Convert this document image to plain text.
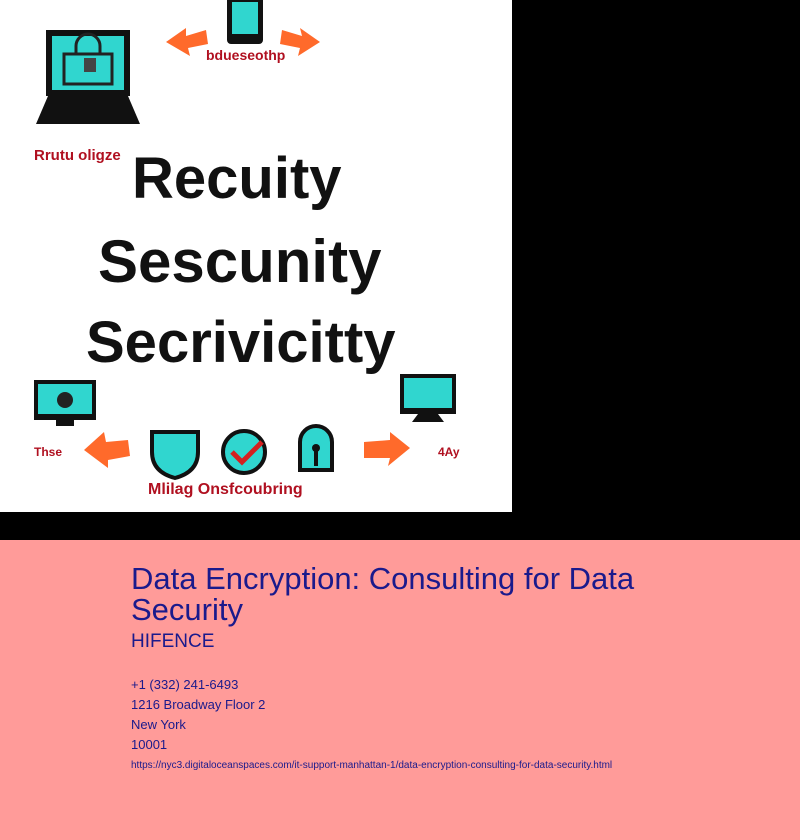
bdueseothp
Rrutu oligze Recuity
Sescunity
Secrivicitty
Thse	4Ay
Mlilag Onsfcoubring
Data Encryption: Consulting for Data Security
HIFENCE
+1 (332) 241-6493
1216 Broadway Floor 2
New York
10001
https://nyc3.digitaloceanspaces.com/it-support-manhattan-1/data-encryption-consulting-for-data-security.html
